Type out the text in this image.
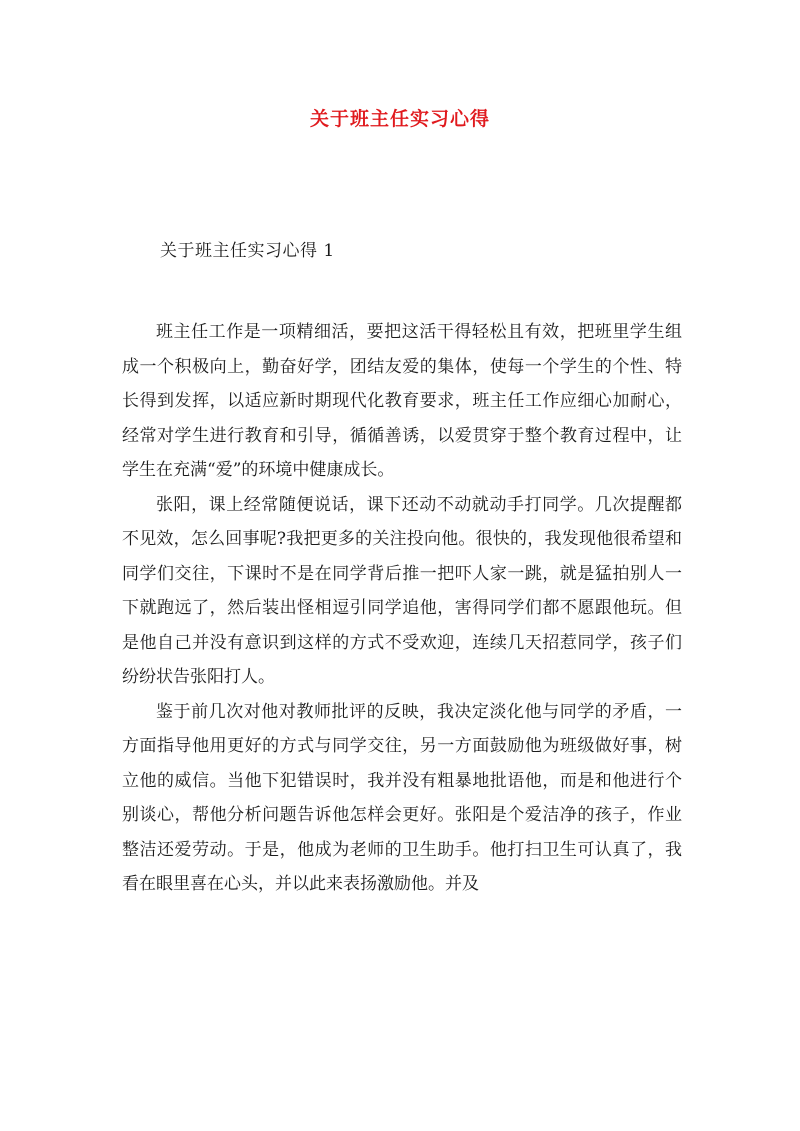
关于班主任实习心得
关于班主任实习心得 1

班主任工作是一项精细活，要把这活干得轻松且有效，把班里学生组成一个积极向上，勤奋好学，团结友爱的集体，使每一个学生的个性、特长得到发挥，以适应新时期现代化教育要求，班主任工作应细心加耐心，经常对学生进行教育和引导，循循善诱，以爱贯穿于整个教育过程中，让学生在充满“爱”的环境中健康成长。

张阳，课上经常随便说话，课下还动不动就动手打同学。几次提醒都不见效，怎么回事呢?我把更多的关注投向他。很快的，我发现他很希望和同学们交往，下课时不是在同学背后推一把吓人家一跳，就是猛拍别人一下就跑远了，然后装出怪相逗引同学追他，害得同学们都不愿跟他玩。但是他自己并没有意识到这样的方式不受欢迎，连续几天招惹同学，孩子们纷纷状告张阳打人。

鉴于前几次对他对教师批评的反映，我决定淡化他与同学的矛盾，一方面指导他用更好的方式与同学交往，另一方面鼓励他为班级做好事，树立他的威信。当他下犯错误时，我并没有粗暴地批语他，而是和他进行个别谈心，帮他分析问题告诉他怎样会更好。张阳是个爱洁净的孩子，作业整洁还爱劳动。于是，他成为老师的卫生助手。他打扫卫生可认真了，我看在眼里喜在心头，并以此来表扬激励他。并及
